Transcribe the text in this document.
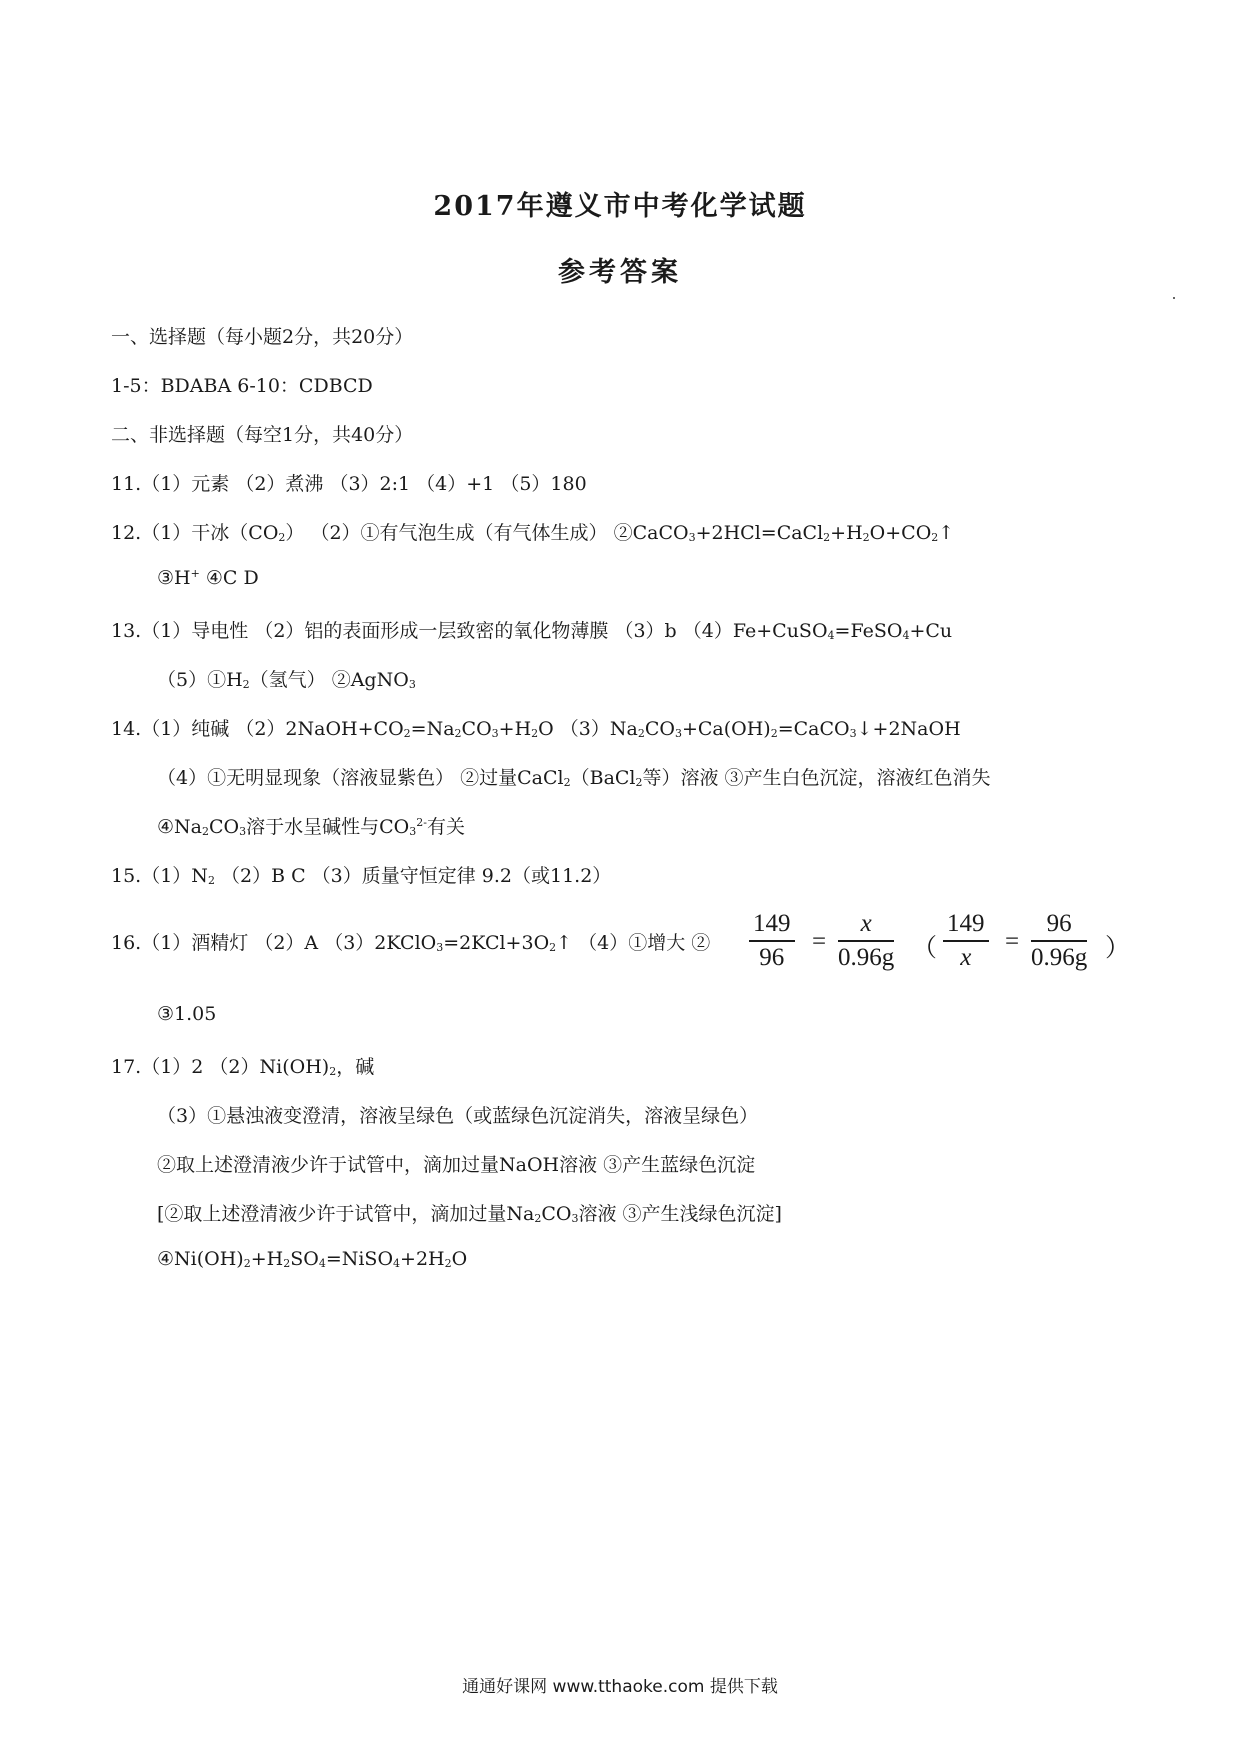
2017年遵义市中考化学试题
参考答案
一、选择题（每小题2分，共20分）
1-5：BDABA 6-10：CDBCD
二、非选择题（每空1分，共40分）
11.（1）元素 （2）煮沸 （3）2:1 （4）+1 （5）180
12.（1）干冰$(CO_2)$ （2）①有气泡生成（有气体生成） $②CaCO_3+2HCl=CaCl_2+H_2O+CO_2↑$
③H+ ④C D
13.（1）导电性 （2）铝的表面形成一层致密的氧化物薄膜 （3）b （4）Fe+CuSO$_4$=FeSO$_4$+Cu
$(5)①H_2$（氢气） ②AgNO$_3$
14.（1）纯碱 $(2)2NaOH+CO_2=Na_2CO_3+H_2O$ $(3)Na_2CO_3+Ca(OH)_2=CaCO_3↓+2NaOH$
（4）①无明显现象（溶液显紫色） ②过量CaCl$_2$（BaCl$_2$等）溶液 ③产生白色沉淀，溶液红色消失
$④Na_2CO_3$溶于水呈碱性与$CO_3^{2-}$有关
$15.(1)N_2$ （2）B C （3）质量守恒定律 9.2（或11.2）
16.（1）酒精灯 （2）A $(3)2KClO_3=2KCl+3O_2↑$ （4）①增大 ② $\frac{149}{96} = \frac{x}{0.96g}$ （ $\frac{149}{x} = \frac{96}{0.96g}$ ）
③1.05
17.（1）2 $(2)Ni(OH)_2$，碱
（3）①悬浊液变澄清，溶液呈绿色（或蓝绿色沉淀消失，溶液呈绿色）
②取上述澄清液少许于试管中，滴加过量NaOH溶液 ③产生蓝绿色沉淀
[②取上述澄清液少许于试管中，滴加过量$Na_2CO_3$溶液 ③产生浅绿色沉淀]
$④Ni(OH)_2+H_2SO_4=NiSO_4+2H_2O$
通通好课网 www.tthaoke.com 提供下载
